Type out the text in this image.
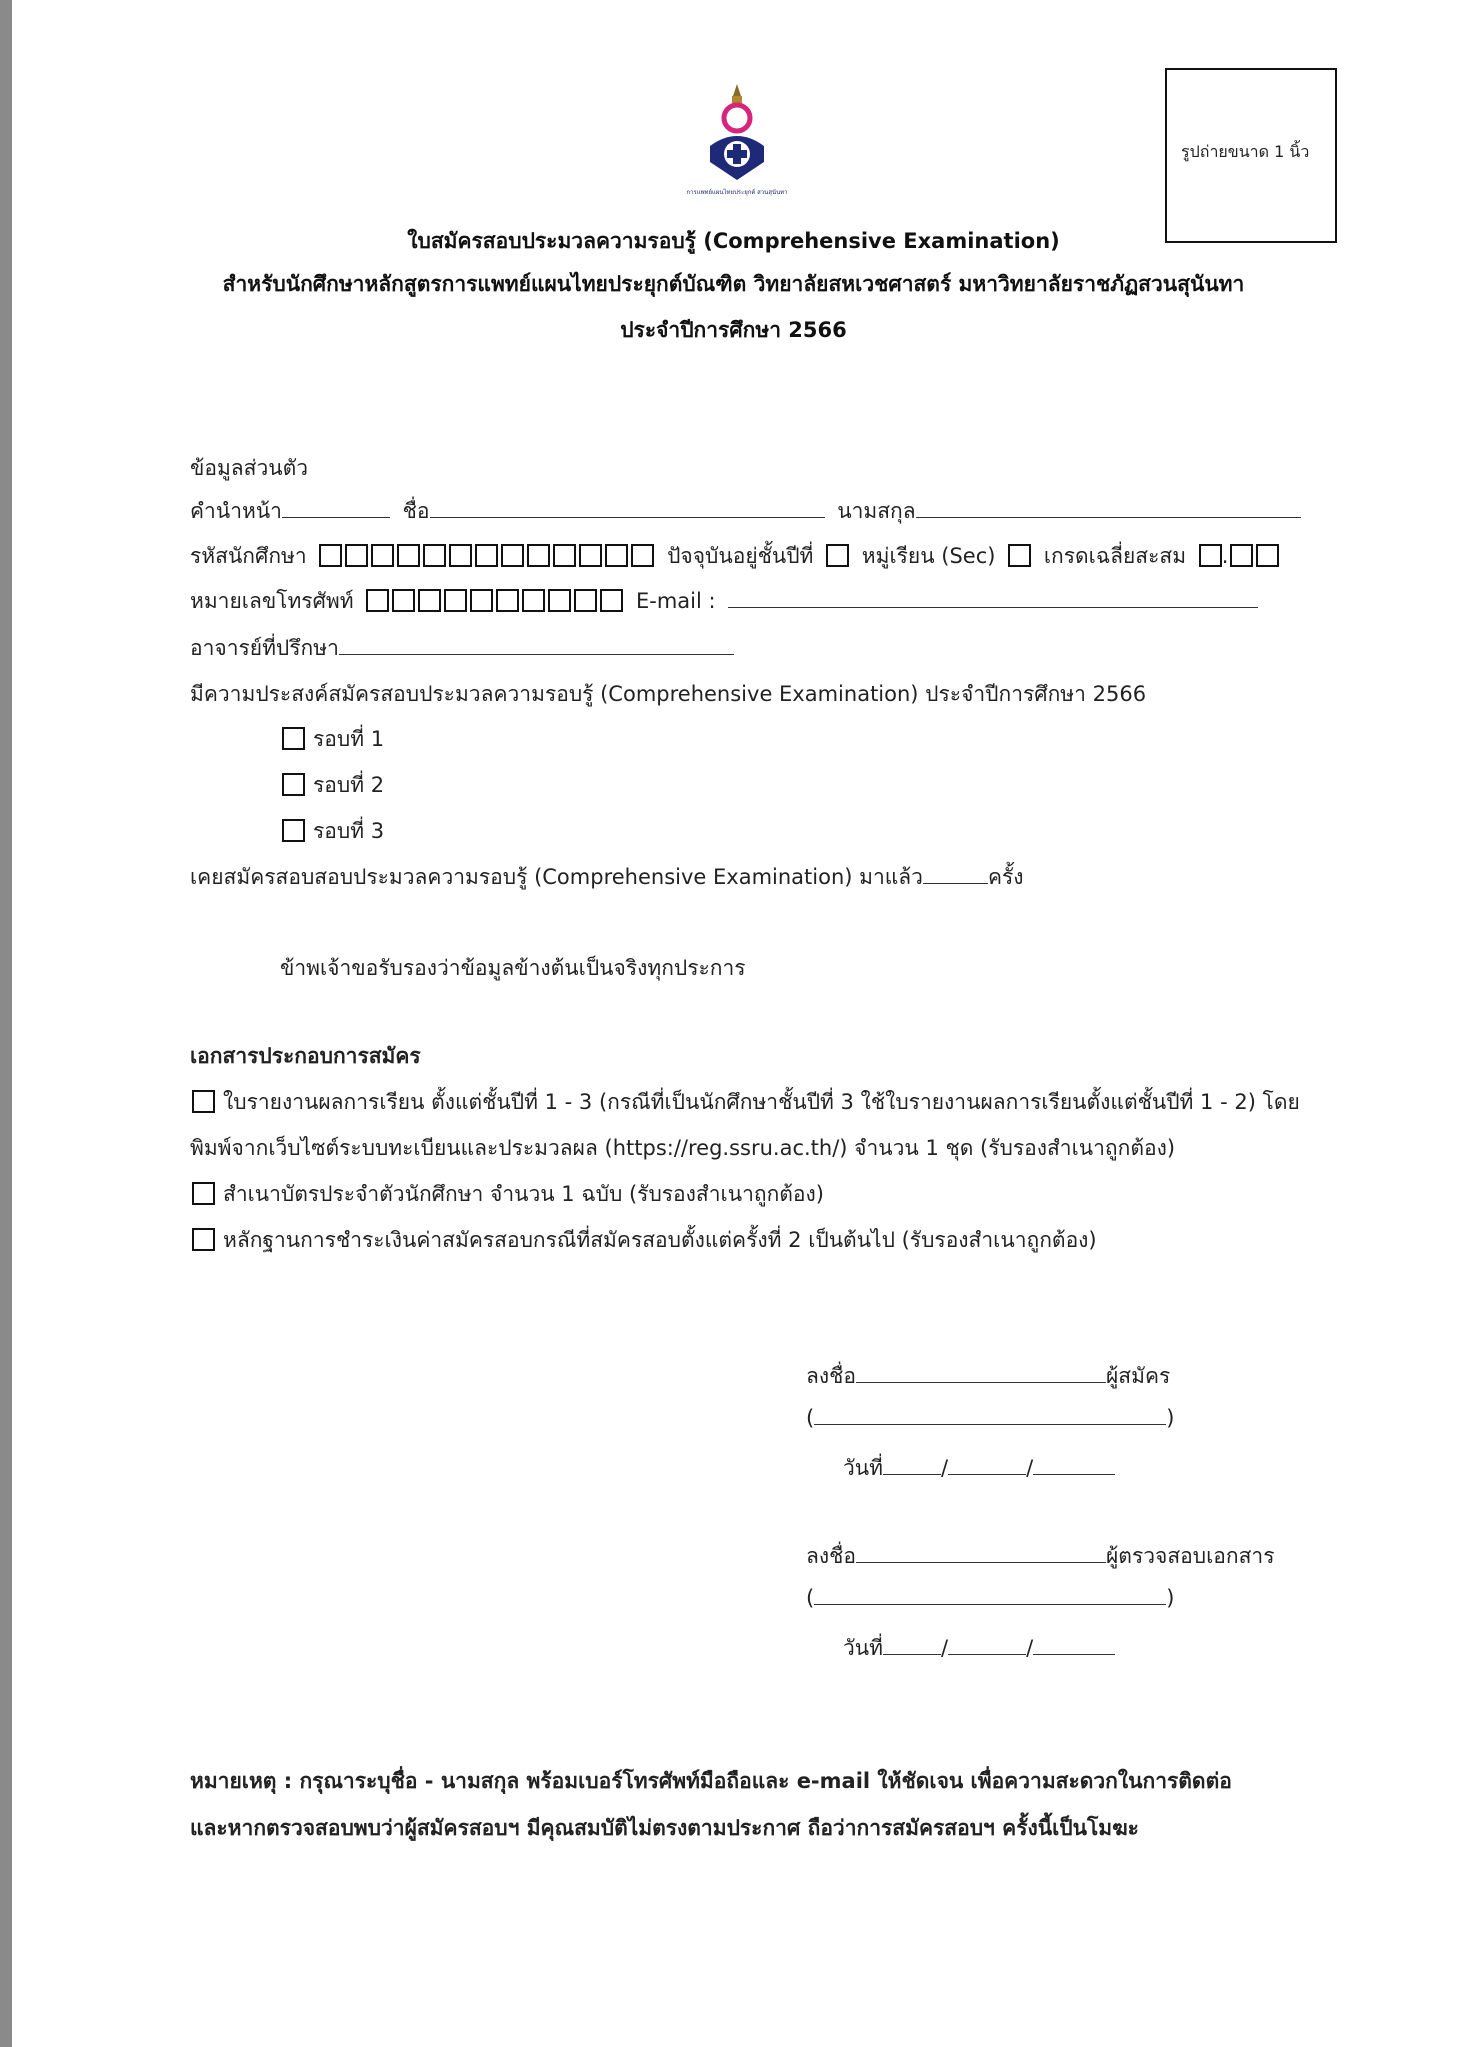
รูปถ่ายขนาด 1 นิ้ว
การแพทย์แผนไทยประยุกต์ สวนสุนันทา
ใบสมัครสอบประมวลความรอบรู้ (Comprehensive Examination)
สำหรับนักศึกษาหลักสูตรการแพทย์แผนไทยประยุกต์บัณฑิต วิทยาลัยสหเวชศาสตร์ มหาวิทยาลัยราชภัฏสวนสุนันทา
ประจำปีการศึกษา 2566
ข้อมูลส่วนตัว
คำนำหน้า	ชื่อ	นามสกุล
รหัสนักศึกษา	ปัจจุบันอยู่ชั้นปีที่ หมู่เรียน (Sec) เกรดเฉลี่ยสะสม .
หมายเลขโทรศัพท์	E-mail :
อาจารย์ที่ปรึกษา
มีความประสงค์สมัครสอบประมวลความรอบรู้ (Comprehensive Examination) ประจำปีการศึกษา 2566
รอบที่ 1
รอบที่ 2
รอบที่ 3
เคยสมัครสอบสอบประมวลความรอบรู้ (Comprehensive Examination) มาแล้ว	ครั้ง
ข้าพเจ้าขอรับรองว่าข้อมูลข้างต้นเป็นจริงทุกประการ
เอกสารประกอบการสมัคร
ใบรายงานผลการเรียน ตั้งแต่ชั้นปีที่ 1 - 3 (กรณีที่เป็นนักศึกษาชั้นปีที่ 3 ใช้ใบรายงานผลการเรียนตั้งแต่ชั้นปีที่ 1 - 2) โดย
พิมพ์จากเว็บไซต์ระบบทะเบียนและประมวลผล (https://reg.ssru.ac.th/) จำนวน 1 ชุด (รับรองสำเนาถูกต้อง)
สำเนาบัตรประจำตัวนักศึกษา จำนวน 1 ฉบับ (รับรองสำเนาถูกต้อง)
หลักฐานการชำระเงินค่าสมัครสอบกรณีที่สมัครสอบตั้งแต่ครั้งที่ 2 เป็นต้นไป (รับรองสำเนาถูกต้อง)
ลงชื่อ	ผู้สมัคร
(	)
วันที่	/	/
ลงชื่อ	ผู้ตรวจสอบเอกสาร
(	)
วันที่	/	/
หมายเหตุ : กรุณาระบุชื่อ - นามสกุล พร้อมเบอร์โทรศัพท์มือถือและ e-mail ให้ชัดเจน เพื่อความสะดวกในการติดต่อ
และหากตรวจสอบพบว่าผู้สมัครสอบฯ มีคุณสมบัติไม่ตรงตามประกาศ ถือว่าการสมัครสอบฯ ครั้งนี้เป็นโมฆะ
